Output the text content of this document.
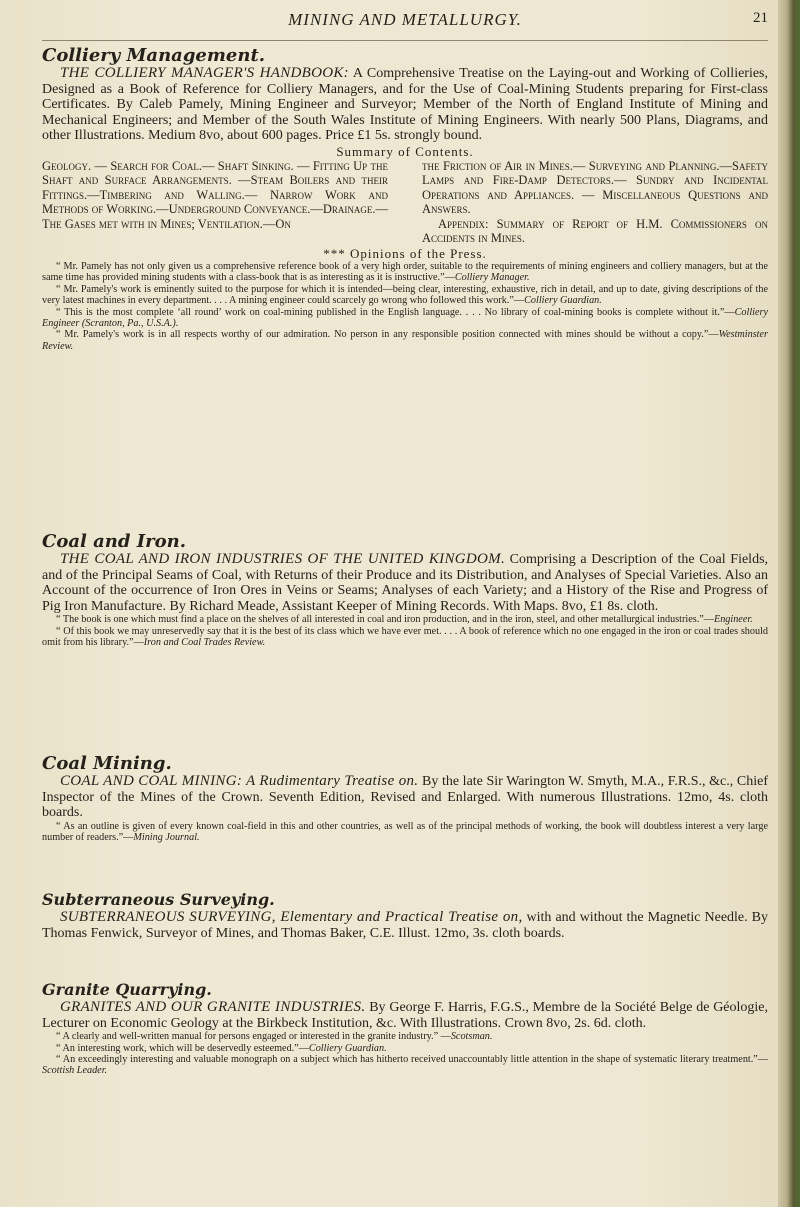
MINING AND METALLURGY.	21
Colliery Management.

THE COLLIERY MANAGER'S HANDBOOK: A Comprehensive Treatise on the Laying-out and Working of Collieries, Designed as a Book of Reference for Colliery Managers, and for the Use of Coal-Mining Students preparing for First-class Certificates. By Caleb Pamely, Mining Engineer and Surveyor; Member of the North of England Institute of Mining and Mechanical Engineers; and Member of the South Wales Institute of Mining Engineers. With nearly 500 Plans, Diagrams, and other Illustrations. Medium 8vo, about 600 pages. Price £1 5s. strongly bound.

Summary of Contents.
Geology. — Search for Coal.— Shaft Sinking. — Fitting Up the Shaft and Surface Arrangements. —Steam Boilers and their Fittings.—Timbering and Walling.— Narrow Work and Methods of Working.—Underground Conveyance.—Drainage.—The Gases met with in Mines; Ventilation.—On
the Friction of Air in Mines.— Surveying and Planning.—Safety Lamps and Fire-Damp Detectors.— Sundry and Incidental Operations and Appliances. — Miscellaneous Questions and Answers.
Appendix: Summary of Report of H.M. Commissioners on Accidents in Mines.
*** Opinions of the Press.

“ Mr. Pamely has not only given us a comprehensive reference book of a very high order, suitable to the requirements of mining engineers and colliery managers, but at the same time has provided mining students with a class-book that is as interesting as it is instructive.”—Colliery Manager.

“ Mr. Pamely's work is eminently suited to the purpose for which it is intended—being clear, interesting, exhaustive, rich in detail, and up to date, giving descriptions of the very latest machines in every department. . . . A mining engineer could scarcely go wrong who followed this work.”—Colliery Guardian.

“ This is the most complete ‘all round’ work on coal-mining published in the English language. . . . No library of coal-mining books is complete without it.”—Colliery Engineer (Scranton, Pa., U.S.A.).

“ Mr. Pamely's work is in all respects worthy of our admiration. No person in any responsible position connected with mines should be without a copy.”—Westminster Review.

Coal and Iron.

THE COAL AND IRON INDUSTRIES OF THE UNITED KINGDOM. Comprising a Description of the Coal Fields, and of the Principal Seams of Coal, with Returns of their Produce and its Distribution, and Analyses of Special Varieties. Also an Account of the occurrence of Iron Ores in Veins or Seams; Analyses of each Variety; and a History of the Rise and Progress of Pig Iron Manufacture. By Richard Meade, Assistant Keeper of Mining Records. With Maps. 8vo, £1 8s. cloth.

“ The book is one which must find a place on the shelves of all interested in coal and iron production, and in the iron, steel, and other metallurgical industries.”—Engineer.

“ Of this book we may unreservedly say that it is the best of its class which we have ever met. . . . A book of reference which no one engaged in the iron or coal trades should omit from his library.”—Iron and Coal Trades Review.

Coal Mining.

COAL AND COAL MINING: A Rudimentary Treatise on. By the late Sir Warington W. Smyth, M.A., F.R.S., &c., Chief Inspector of the Mines of the Crown. Seventh Edition, Revised and Enlarged. With numerous Illustrations. 12mo, 4s. cloth boards.

“ As an outline is given of every known coal-field in this and other countries, as well as of the principal methods of working, the book will doubtless interest a very large number of readers.”—Mining Journal.

Subterraneous Surveying.

SUBTERRANEOUS SURVEYING, Elementary and Practical Treatise on, with and without the Magnetic Needle. By Thomas Fenwick, Surveyor of Mines, and Thomas Baker, C.E. Illust. 12mo, 3s. cloth boards.

Granite Quarrying.

GRANITES AND OUR GRANITE INDUSTRIES. By George F. Harris, F.G.S., Membre de la Société Belge de Géologie, Lecturer on Economic Geology at the Birkbeck Institution, &c. With Illustrations. Crown 8vo, 2s. 6d. cloth.

“ A clearly and well-written manual for persons engaged or interested in the granite industry.” —Scotsman.

“ An interesting work, which will be deservedly esteemed.”—Colliery Guardian.

“ An exceedingly interesting and valuable monograph on a subject which has hitherto received unaccountably little attention in the shape of systematic literary treatment.”—Scottish Leader.
